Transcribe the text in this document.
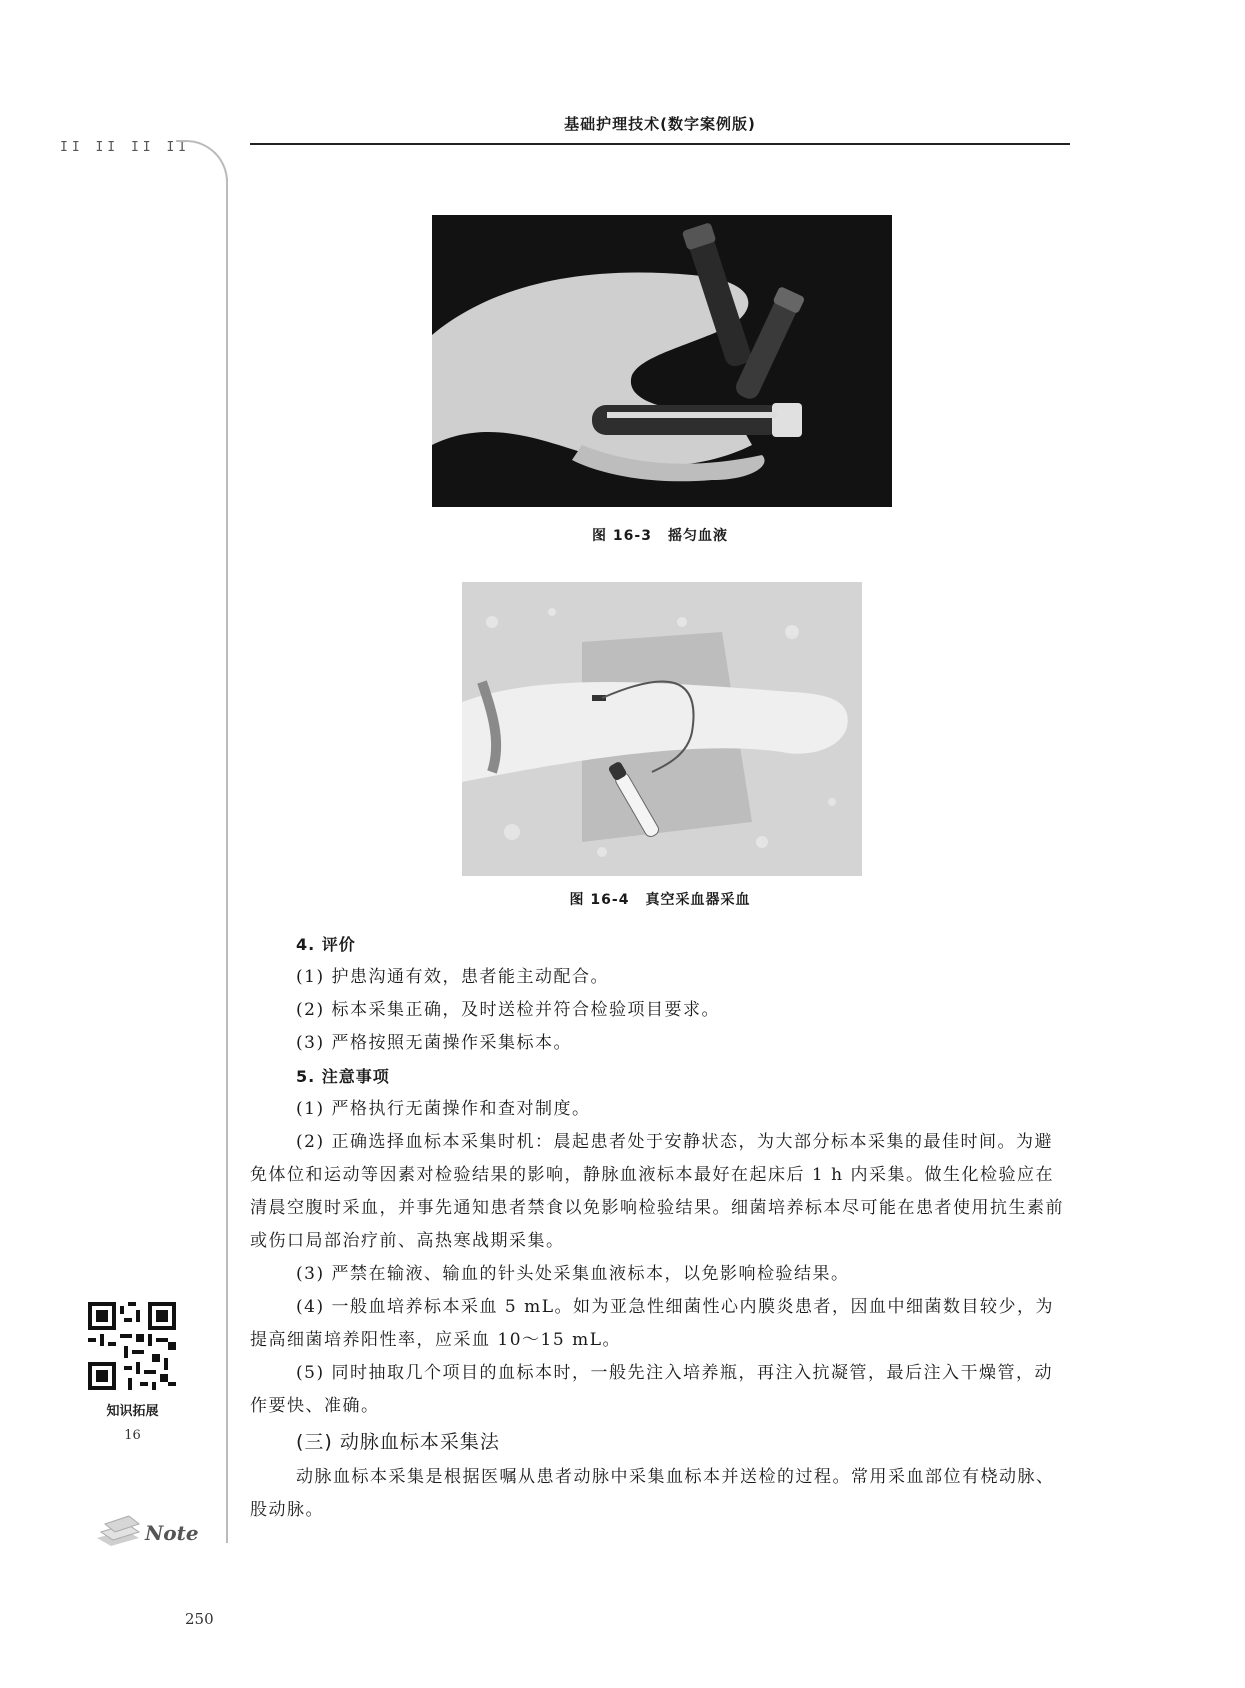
II II II II
基础护理技术(数字案例版)
图 16-3 摇匀血液
图 16-4 真空采血器采血

4. 评价

(1) 护患沟通有效，患者能主动配合。

(2) 标本采集正确，及时送检并符合检验项目要求。

(3) 严格按照无菌操作采集标本。

5. 注意事项

(1) 严格执行无菌操作和查对制度。

(2) 正确选择血标本采集时机：晨起患者处于安静状态，为大部分标本采集的最佳时间。为避免体位和运动等因素对检验结果的影响，静脉血液标本最好在起床后 1 h 内采集。做生化检验应在清晨空腹时采血，并事先通知患者禁食以免影响检验结果。细菌培养标本尽可能在患者使用抗生素前或伤口局部治疗前、高热寒战期采集。

(3) 严禁在输液、输血的针头处采集血液标本，以免影响检验结果。

(4) 一般血培养标本采血 5 mL。如为亚急性细菌性心内膜炎患者，因血中细菌数目较少，为提高细菌培养阳性率，应采血 10～15 mL。

(5) 同时抽取几个项目的血标本时，一般先注入培养瓶，再注入抗凝管，最后注入干燥管，动作要快、准确。

(三) 动脉血标本采集法

动脉血标本采集是根据医嘱从患者动脉中采集血标本并送检的过程。常用采血部位有桡动脉、股动脉。

知识拓展
16
Note
250
